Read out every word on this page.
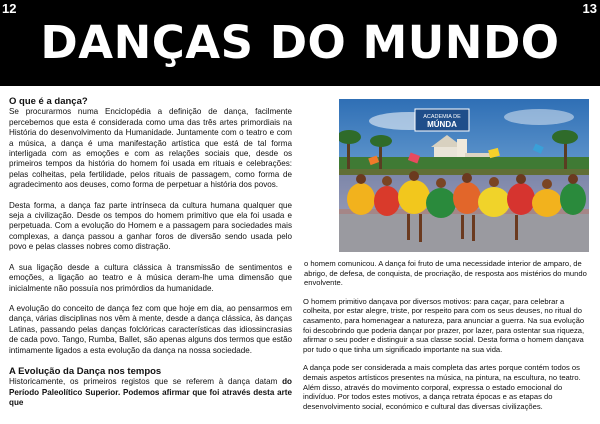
12	13
DANÇAS DO MUNDO

O que é a dança?
Se procurarmos numa Enciclopédia a definição de dança, facilmente percebemos que esta é considerada como uma das três artes primordiais na História do desenvolvimento da Humanidade. Juntamente com o teatro e com a música, a dança é uma manifestação artística que está de tal forma interligada com as emoções e com as relações sociais que, desde os primeiros tempos da história do homem foi usada em rituais e celebrações: pelas colheitas, pela fertilidade, pelos rituais de passagem, como forma de agradecimento aos deuses, como forma de perpetuar a história dos povos.

Desta forma, a dança faz parte intrínseca da cultura humana qualquer que seja a civilização. Desde os tempos do homem primitivo que ela foi usada e perpetuada. Com a evolução do Homem e a passagem para sociedades mais complexas, a dança passou a ganhar foros de diversão sendo usada pelo povo e pelas classes nobres como distração.

A sua ligação desde a cultura clássica à transmissão de sentimentos e emoções, a ligação ao teatro e à música deram-lhe uma dimensão que inicialmente não possuía nos primórdios da humanidade.

A evolução do conceito de dança fez com que hoje em dia, ao pensarmos em dança, várias disciplinas nos vêm à mente, desde a dança clássica, às danças Latinas, passando pelas danças folclóricas características das idiossincrasias de cada povo. Tango, Rumba, Ballet, são apenas alguns dos termos que estão intimamente ligados a esta evolução da dança na nossa sociedade.

A Evolução da Dança nos tempos
Historicamente, os primeiros registos que se referem à dança datam do Período Paleolítico Superior. Podemos afirmar que foi através desta arte que

ACADEMIA DE
MÚNDA

o homem comunicou. A dança foi fruto de uma necessidade interior de amparo, de abrigo, de defesa, de conquista, de procriação, de resposta aos mistérios do mundo envolvente.

O homem primitivo dançava por diversos motivos: para caçar, para celebrar a colheita, por estar alegre, triste, por respeito para com os seus deuses, no ritual do casamento, para homenagear a natureza, para anunciar a guerra. Na sua evolução foi descobrindo que poderia dançar por prazer, por lazer, para ostentar sua riqueza, afirmar o seu poder e distinguir a sua classe social. Desta forma o homem dançava por tudo o que tinha um significado importante na sua vida.

A dança pode ser considerada a mais completa das artes porque contém todos os demais aspetos artísticos presentes na música, na pintura, na escultura, no teatro. Além disso, através do movimento corporal, expressa o estado emocional do indivíduo. Por todos estes motivos, a dança retrata épocas e as etapas do desenvolvimento social, económico e cultural das diversas civilizações.
